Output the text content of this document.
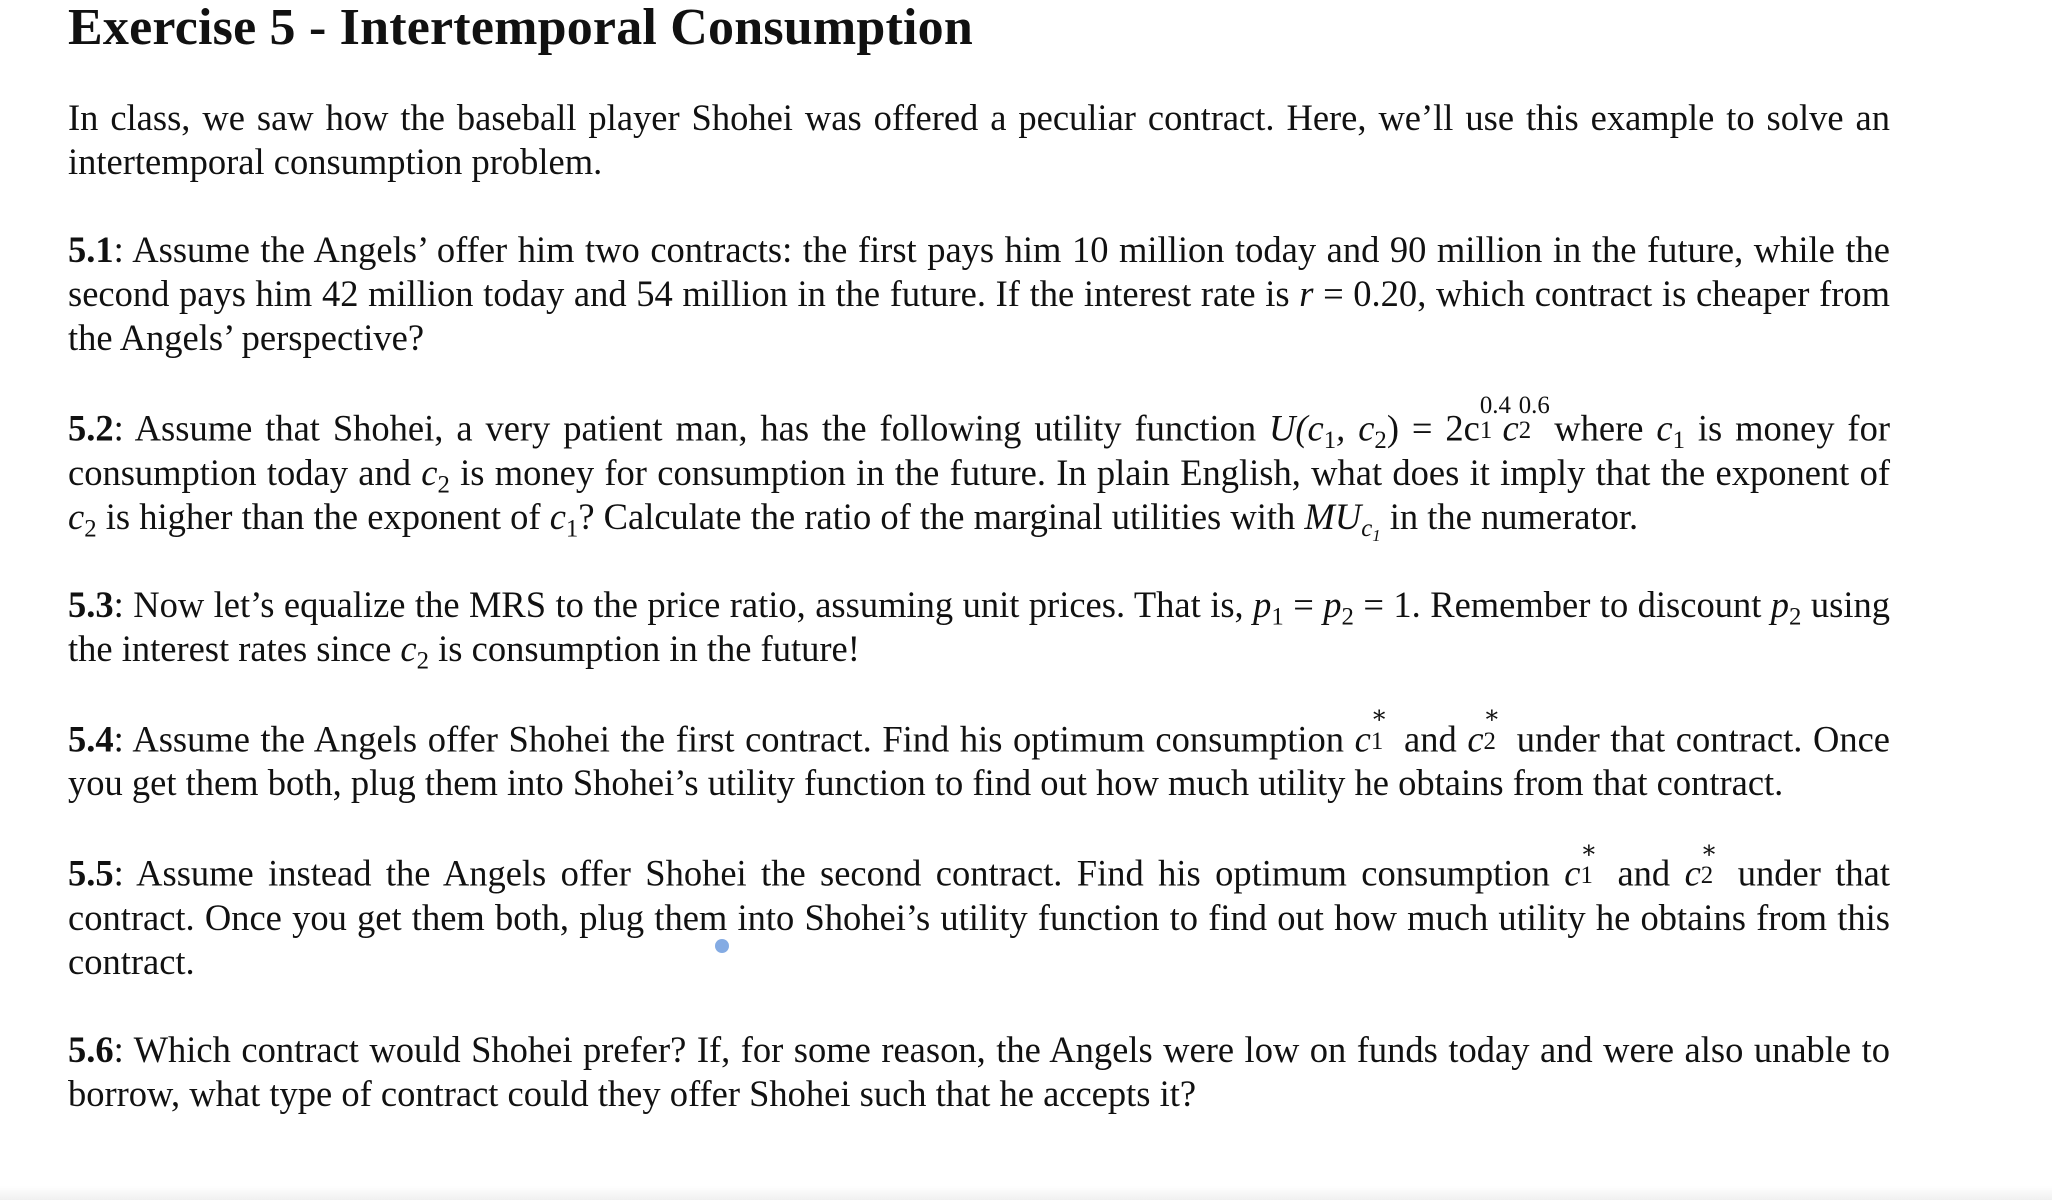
Exercise 5 - Intertemporal Consumption

In class, we saw how the baseball player Shohei was offered a peculiar contract. Here, we’ll use this example to solve an intertemporal consumption problem.

5.1: Assume the Angels’ offer him two contracts: the first pays him 10 million today and 90 million in the future, while the second pays him 42 million today and 54 million in the future. If the interest rate is r = 0.20, which contract is cheaper from the Angels’ perspective?

5.2: Assume that Shohei, a very patient man, has the following utility function $U(c_1$, $c_2) = 2c$
0.4
1 c
0.6
2 where $c_1$ is money for consumption today and $c_2$ is money for consumption in the future. In plain English, what does it imply that the exponent of $c_2$ is higher than the exponent of $c_1$? Calculate the ratio of the marginal utilities with $MU_{c_1}$ in the numerator.

5.3: Now let’s equalize the MRS to the price ratio, assuming unit prices. That is, $p_1 = p_2 = 1$. Remember to discount $p_2$ using the interest rates since $c_2$ is consumption in the future!

5.4: Assume the Angels offer Shohei the first contract. Find his optimum consumption c
∗
1 and c
∗
2 under that contract. Once you get them both, plug them into Shohei’s utility function to find out how much utility he obtains from that contract.

5.5: Assume instead the Angels offer Shohei the second contract. Find his optimum consumption c
∗
1 and c
∗
2 under that contract. Once you get them both, plug them into Shohei’s utility function to find out how much utility he obtains from this contract.

5.6: Which contract would Shohei prefer? If, for some reason, the Angels were low on funds today and were also unable to borrow, what type of contract could they offer Shohei such that he accepts it?
